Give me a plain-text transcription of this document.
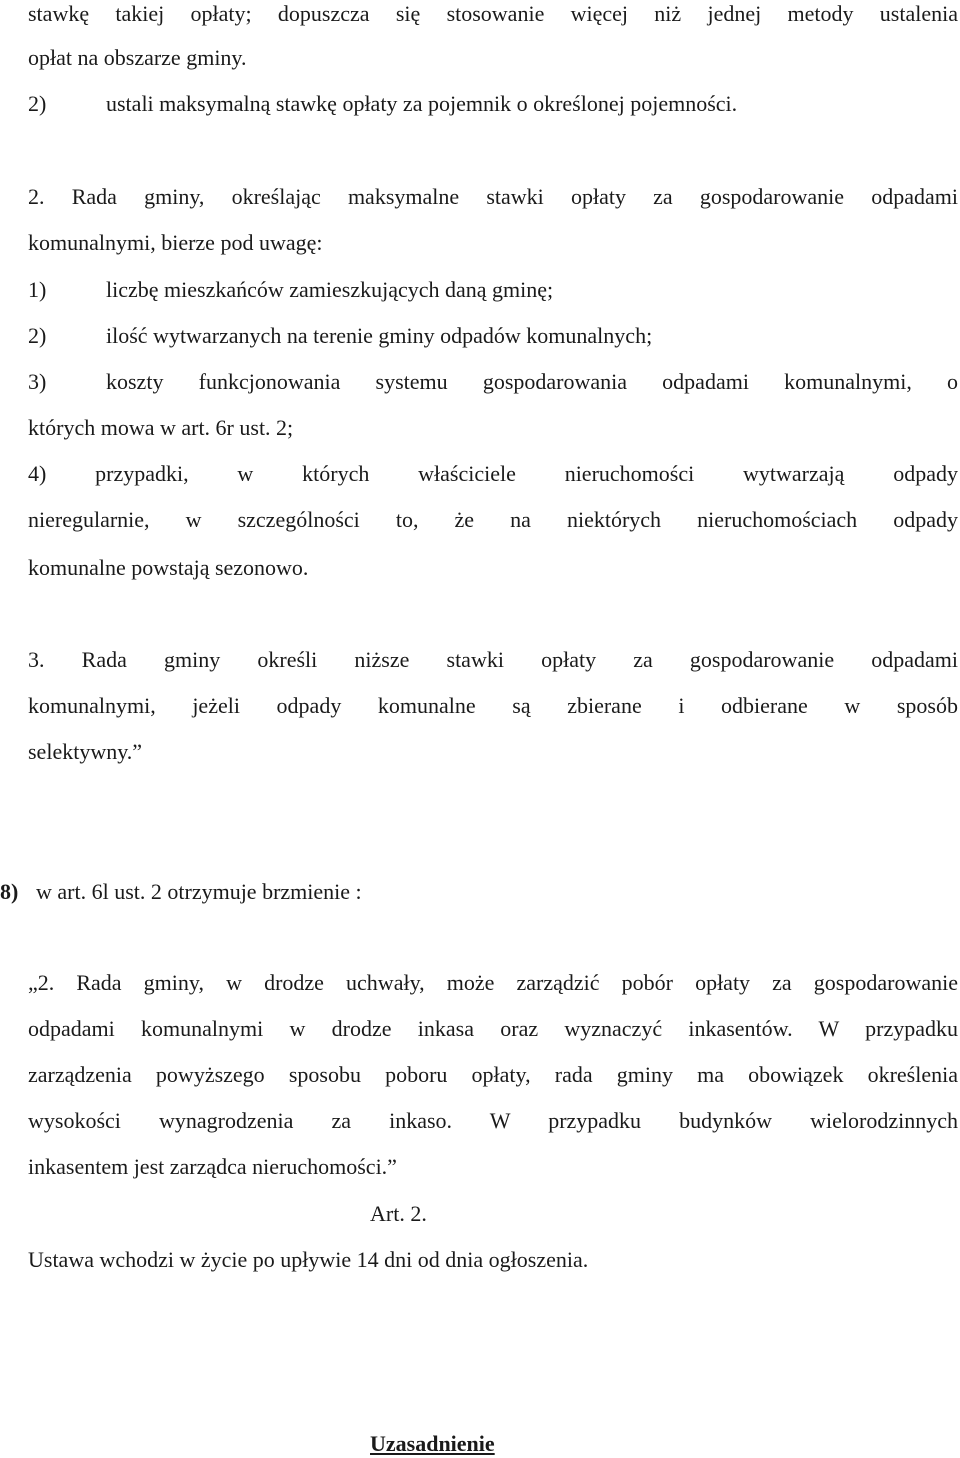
stawkę takiej opłaty; dopuszcza się stosowanie więcej niż jednej metody ustalenia
opłat na obszarze gminy.
2)	ustali maksymalną stawkę opłaty za pojemnik o określonej pojemności.
2. Rada gminy, określając maksymalne stawki opłaty za gospodarowanie odpadami
komunalnymi, bierze pod uwagę:
1)	liczbę mieszkańców zamieszkujących daną gminę;
2)	ilość wytwarzanych na terenie gminy odpadów komunalnych;
3)	koszty funkcjonowania systemu gospodarowania odpadami komunalnymi, o
których mowa w art. 6r ust. 2;
4) przypadki, w których właściciele nieruchomości wytwarzają odpady
nieregularnie, w szczególności to, że na niektórych nieruchomościach odpady
komunalne powstają sezonowo.
3. Rada gminy określi niższe stawki opłaty za gospodarowanie odpadami
komunalnymi, jeżeli odpady komunalne są zbierane i odbierane w sposób
selektywny.”
8) w art. 6l ust. 2 otrzymuje brzmienie :
„2. Rada gminy, w drodze uchwały, może zarządzić pobór opłaty za gospodarowanie
odpadami komunalnymi w drodze inkasa oraz wyznaczyć inkasentów. W przypadku
zarządzenia powyższego sposobu poboru opłaty, rada gminy ma obowiązek określenia
wysokości wynagrodzenia za inkaso. W przypadku budynków wielorodzinnych
inkasentem jest zarządca nieruchomości.”
Art. 2.
Ustawa wchodzi w życie po upływie 14 dni od dnia ogłoszenia.
Uzasadnienie
